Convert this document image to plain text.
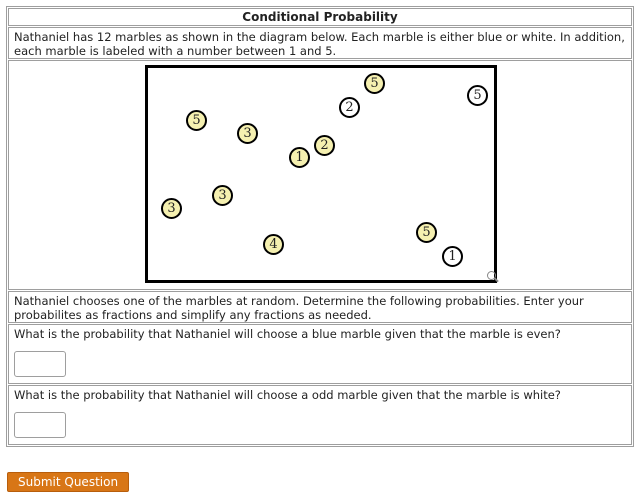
Conditional Probability
Nathaniel has 12 marbles as shown in the diagram below. Each marble is either blue or white. In addition, each marble is labeled with a number between 1 and 5.
5
2
5
5
3
2
1
3
3
4
5
1
Nathaniel chooses one of the marbles at random. Determine the following probabilities. Enter your probabilites as fractions and simplify any fractions as needed.
What is the probability that Nathaniel will choose a blue marble given that the marble is even?
What is the probability that Nathaniel will choose a odd marble given that the marble is white?
Submit Question
